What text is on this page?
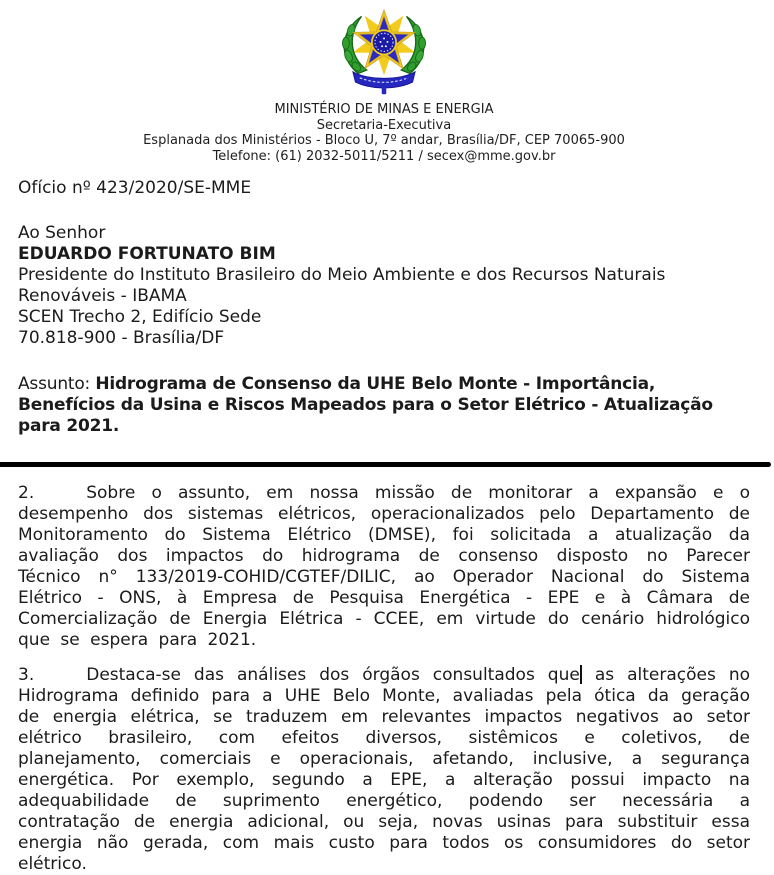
MINISTÉRIO DE MINAS E ENERGIA
Secretaria-Executiva
Esplanada dos Ministérios - Bloco U, 7º andar, Brasília/DF, CEP 70065-900
Telefone: (61) 2032-5011/5211 / secex@mme.gov.br
Ofício nº 423/2020/SE-MME
Ao Senhor
EDUARDO FORTUNATO BIM
Presidente do Instituto Brasileiro do Meio Ambiente e dos Recursos Naturais
Renováveis - IBAMA
SCEN Trecho 2, Edifício Sede
70.818-900 - Brasília/DF
Assunto: Hidrograma de Consenso da UHE Belo Monte - Importância, Benefícios da Usina e Riscos Mapeados para o Setor Elétrico - Atualização para 2021.

2.	Sobre o assunto, em nossa missão de monitorar a expansão e o desempenho dos sistemas elétricos, operacionalizados pelo Departamento de Monitoramento do Sistema Elétrico (DMSE), foi solicitada a atualização da avaliação dos impactos do hidrograma de consenso disposto no Parecer Técnico n° 133/2019-COHID/CGTEF/DILIC, ao Operador Nacional do Sistema Elétrico - ONS, à Empresa de Pesquisa Energética - EPE e à Câmara de Comercialização de Energia Elétrica - CCEE, em virtude do cenário hidrológico que se espera para 2021.

3.	Destaca-se das análises dos órgãos consultados que as alterações no Hidrograma definido para a UHE Belo Monte, avaliadas pela ótica da geração de energia elétrica, se traduzem em relevantes impactos negativos ao setor elétrico brasileiro, com efeitos diversos, sistêmicos e coletivos, de planejamento, comerciais e operacionais, afetando, inclusive, a segurança energética. Por exemplo, segundo a EPE, a alteração possui impacto na adequabilidade de suprimento energético, podendo ser necessária a contratação de energia adicional, ou seja, novas usinas para substituir essa energia não gerada, com mais custo para todos os consumidores do setor elétrico.
